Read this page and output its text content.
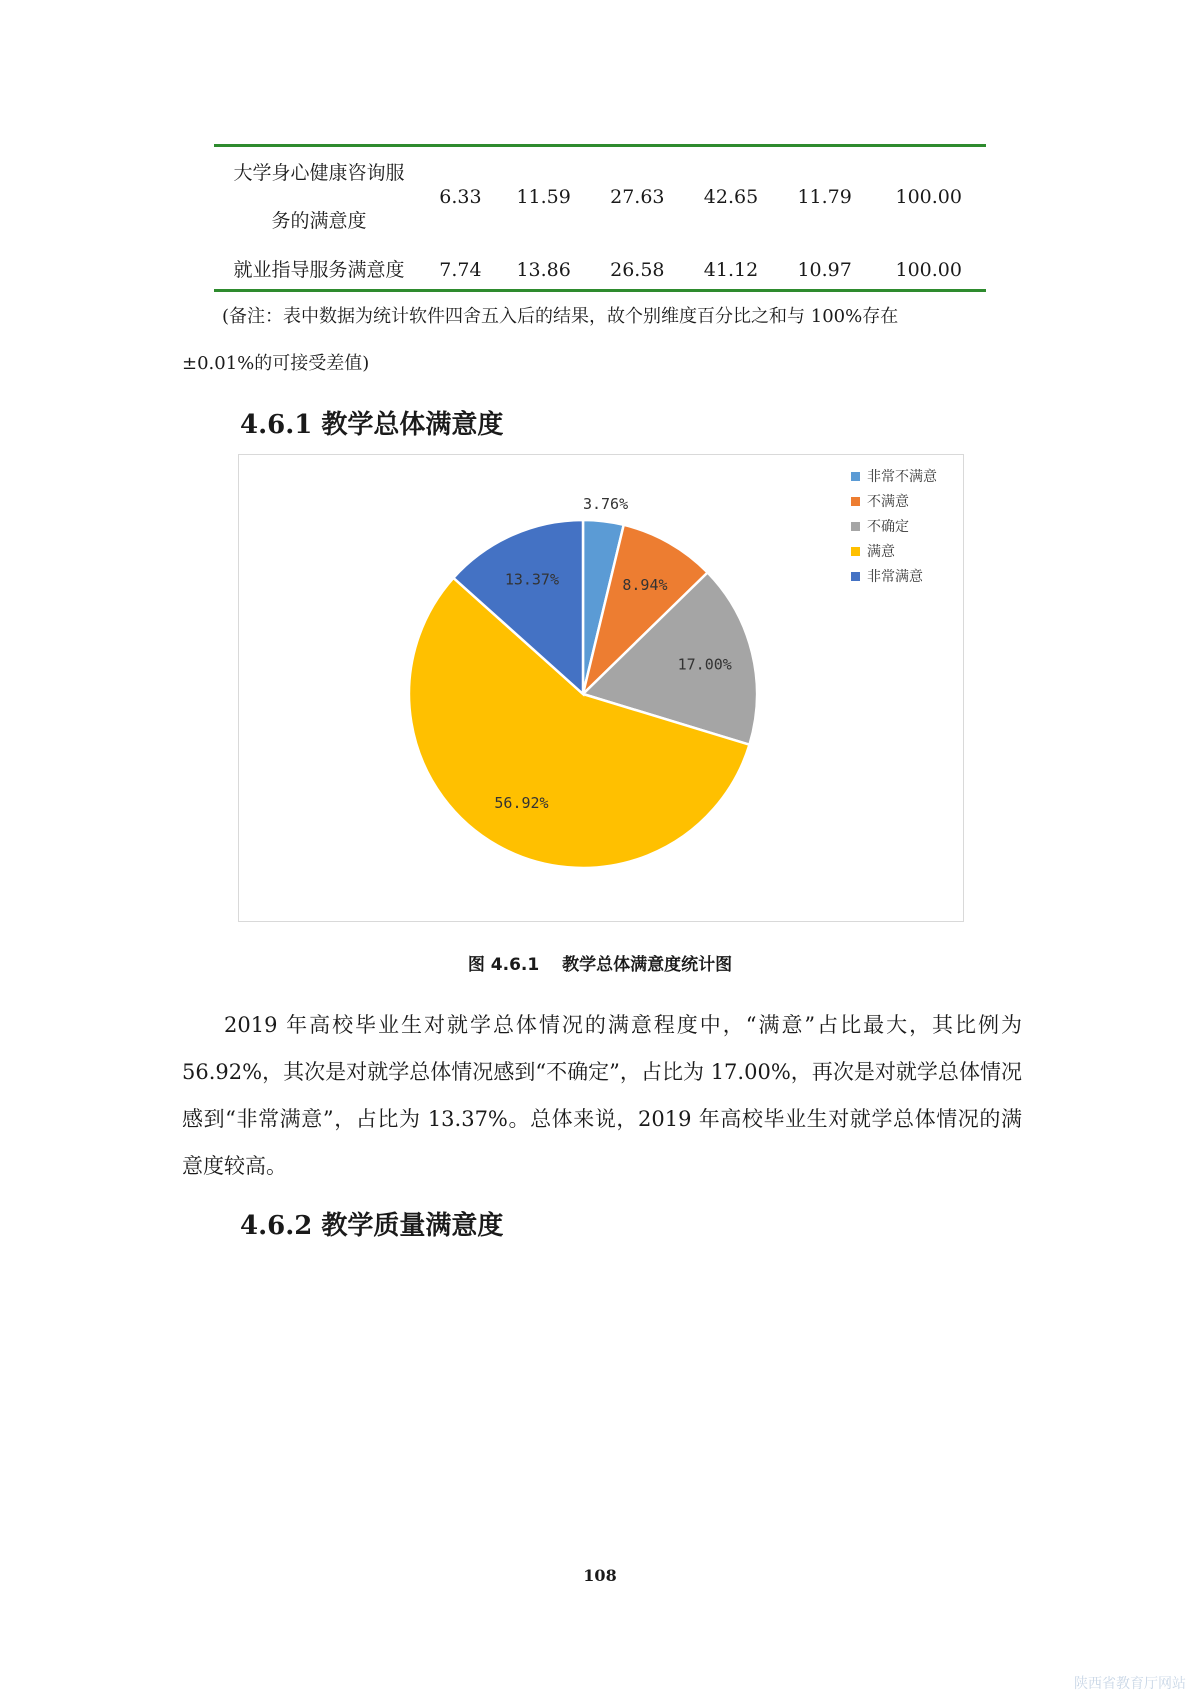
大学身心健康咨询服
务的满意度	6.33	11.59	27.63	42.65	11.79	100.00
就业指导服务满意度	7.74	13.86	26.58	41.12	10.97	100.00
(备注：表中数据为统计软件四舍五入后的结果，故个别维度百分比之和与 100%存在
±0.01%的可接受差值)
4.6.1 教学总体满意度
3.76%
8.94%
17.00%
56.92%
13.37%
非常不满意
不满意
不确定
满意
非常满意
图 4.6.1　 教学总体满意度统计图

2019 年高校毕业生对就学总体情况的满意程度中，“满意”占比最大，其比例为 56.92%，其次是对就学总体情况感到“不确定”，占比为 17.00%，再次是对就学总体情况感到“非常满意”，占比为 13.37%。总体来说，2019 年高校毕业生对就学总体情况的满意度较高。

4.6.2 教学质量满意度
108
陕西省教育厅网站
